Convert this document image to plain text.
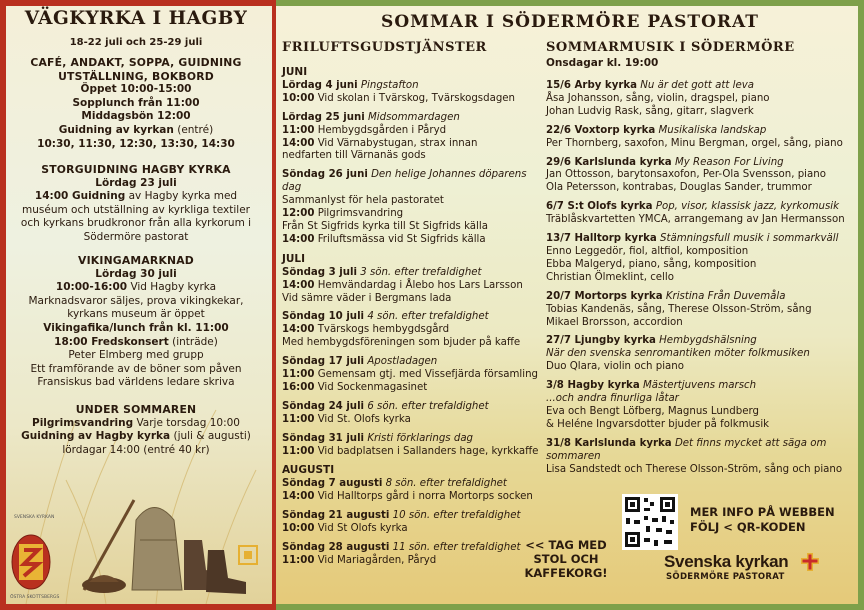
SVENSKA KYRKAN
ÖSTRA SKOTTSBERGS
VÄGKYRKA I HAGBY
18-22 juli och 25-29 juli
CAFÉ, ANDAKT, SOPPA, GUIDNING
UTSTÄLLNING, BOKBORD
Öppet 10:00-15:00
Sopplunch från 11:00
Middagsbön 12:00
Guidning av kyrkan (entré)
10:30, 11:30, 12:30, 13:30, 14:30
STORGUIDNING HAGBY KYRKA
Lördag 23 juli
14:00 Guidning av Hagby kyrka med
muséum och utställning av kyrkliga textiler
och kyrkans brudkronor från alla kyrkorum i
Södermöre pastorat
VIKINGAMARKNAD
Lördag 30 juli
10:00-16:00 Vid Hagby kyrka
Marknadsvaror säljes, prova vikingkekar,
kyrkans museum är öppet
Vikingafika/lunch från kl. 11:00
18:00 Fredskonsert (inträde)
Peter Elmberg med grupp
Ett framförande av de böner som påven
Fransiskus bad världens ledare skriva
UNDER SOMMAREN
Pilgrimsvandring Varje torsdag 10:00
Guidning av Hagby kyrka (juli & augusti)
lördagar 14:00 (entré 40 kr)
SOMMAR I SÖDERMÖRE PASTORAT
FRILUFTSGUDSTJÄNSTER	SOMMARMUSIK I SÖDERMÖRE
JUNI
Lördag 4 juni Pingstafton
10:00 Vid skolan i Tvärskog, Tvärskogsdagen
Lördag 25 juni Midsommardagen
11:00 Hembygdsgården i Påryd
14:00 Vid Värnabystugan, strax innan
nedfarten till Värnanäs gods
Söndag 26 juni Den helige Johannes döparens dag
Sammanlyst för hela pastoratet
12:00 Pilgrimsvandring
Från St Sigfrids kyrka till St Sigfrids källa
14:00 Friluftsmässa vid St Sigfrids källa
JULI
Söndag 3 juli 3 sön. efter trefaldighet
14:00 Hemvändardag i Ålebo hos Lars Larsson
Vid sämre väder i Bergmans lada
Söndag 10 juli 4 sön. efter trefaldighet
14:00 Tvärskogs hembygdsgård
Med hembygdsföreningen som bjuder på kaffe
Söndag 17 juli Apostladagen
11:00 Gemensam gtj. med Vissefjärda församling
16:00 Vid Sockenmagasinet
Söndag 24 juli 6 sön. efter trefaldighet
11:00 Vid St. Olofs kyrka
Söndag 31 juli Kristi förklarings dag
11:00 Vid badplatsen i Sallanders hage, kyrkkaffe
AUGUSTI
Söndag 7 augusti 8 sön. efter trefaldighet
14:00 Vid Halltorps gård i norra Mortorps socken
Söndag 21 augusti 10 sön. efter trefaldighet
10:00 Vid St Olofs kyrka
Söndag 28 augusti 11 sön. efter trefaldighet
11:00 Vid Mariagården, Påryd
Onsdagar kl. 19:00
15/6 Arby kyrka Nu är det gott att leva
Åsa Johansson, sång, violin, dragspel, piano
Johan Ludvig Rask, sång, gitarr, slagverk
22/6 Voxtorp kyrka Musikaliska landskap
Per Thornberg, saxofon, Minu Bergman, orgel, sång, piano
29/6 Karlslunda kyrka My Reason For Living
Jan Ottosson, barytonsaxofon, Per-Ola Svensson, piano
Ola Petersson, kontrabas, Douglas Sander, trummor
6/7 S:t Olofs kyrka Pop, visor, klassisk jazz, kyrkomusik
Träblåskvartetten YMCA, arrangemang av Jan Hermansson
13/7 Halltorp kyrka Stämningsfull musik i sommarkväll
Enno Leggedör, fiol, altfiol, komposition
Ebba Malgeryd, piano, sång, komposition
Christian Ölmeklint, cello
20/7 Mortorps kyrka Kristina Från Duvemåla
Tobias Kandenäs, sång, Therese Olsson-Ström, sång
Mikael Brorsson, accordion
27/7 Ljungby kyrka Hembygdshälsning
När den svenska senromantiken möter folkmusiken
Duo Qlara, violin och piano
3/8 Hagby kyrka Mästertjuvens marsch
...och andra finurliga låtar
Eva och Bengt Löfberg, Magnus Lundberg
& Heléne Ingvarsdotter bjuder på folkmusik
31/8 Karlslunda kyrka Det finns mycket att säga om sommaren
Lisa Sandstedt och Therese Olsson-Ström, sång och piano
<< TAG MED
STOL OCH
KAFFEKORG!
MER INFO PÅ WEBBEN
FÖLJ < QR-KODEN
Svenska kyrkan
SÖDERMÖRE PASTORAT
